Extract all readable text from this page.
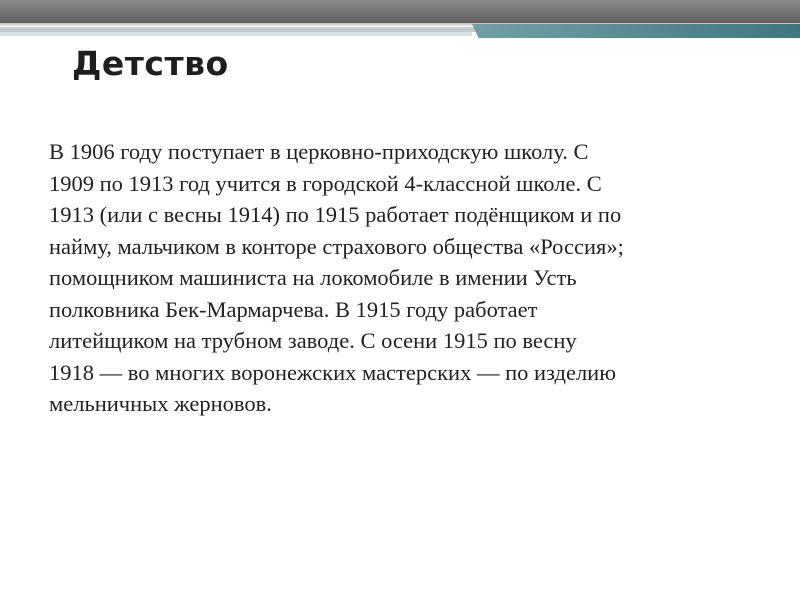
Детство

В 1906 году поступает в церковно-приходскую школу. С
1909 по 1913 год учится в городской 4-классной школе. С
1913 (или с весны 1914) по 1915 работает подёнщиком и по
найму, мальчиком в конторе страхового общества «Россия»;
помощником машиниста на локомобиле в имении Усть
полковника Бек-Мармарчева. В 1915 году работает
литейщиком на трубном заводе. С осени 1915 по весну
1918 — во многих воронежских мастерских — по изделию
мельничных жерновов.
